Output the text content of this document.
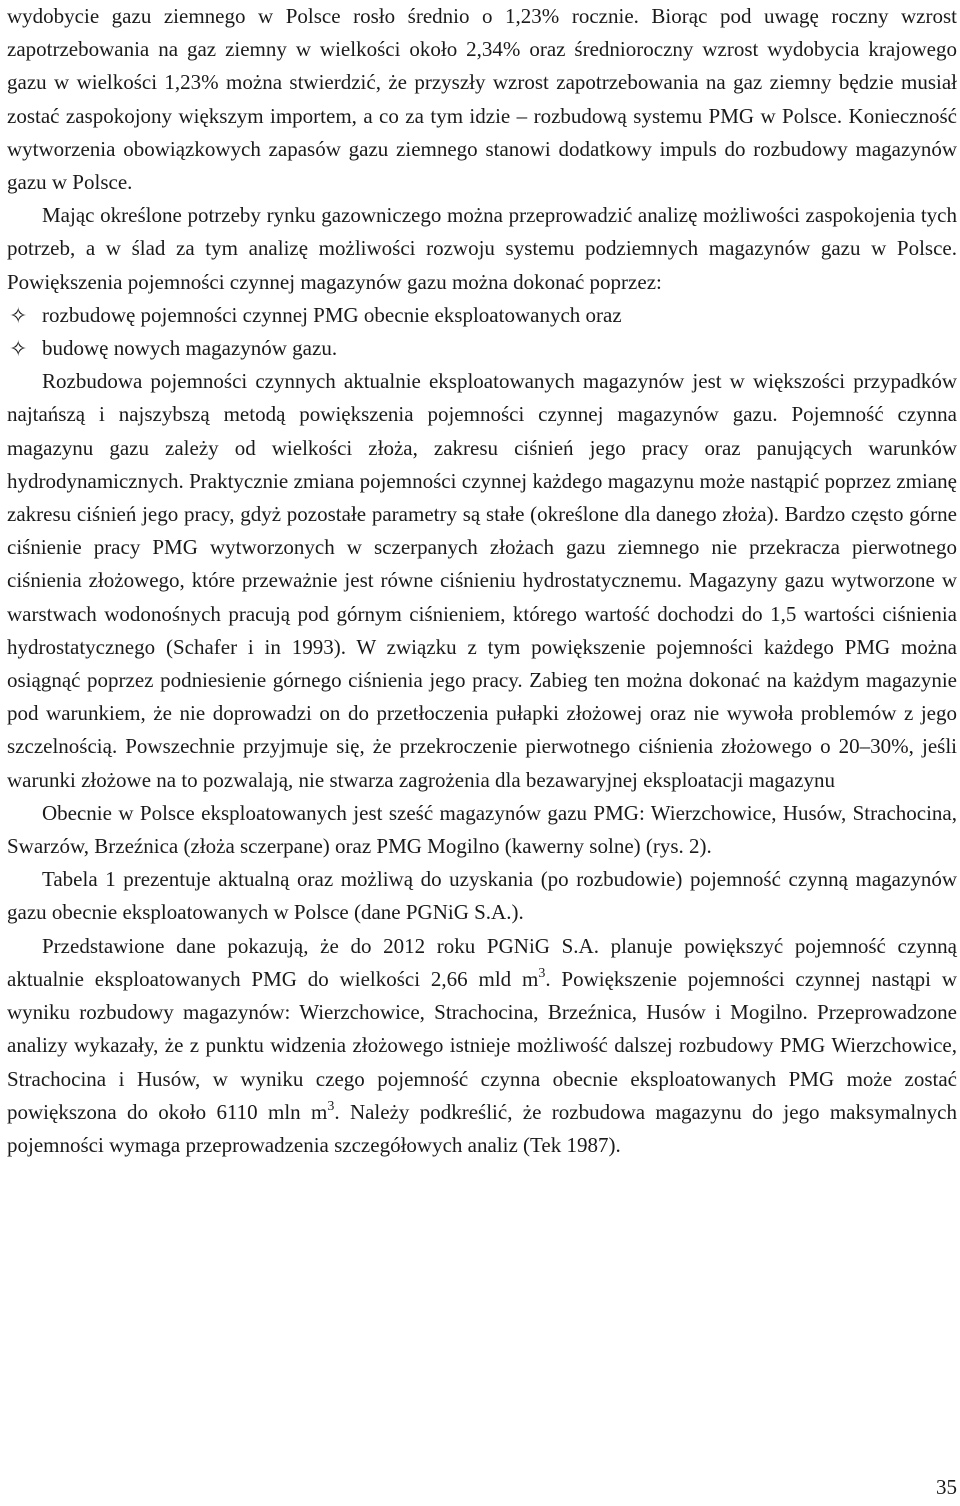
wydobycie gazu ziemnego w Polsce rosło średnio o 1,23% rocznie. Biorąc pod uwagę roczny wzrost zapotrzebowania na gaz ziemny w wielkości około 2,34% oraz średnioroczny wzrost wydobycia krajowego gazu w wielkości 1,23% można stwierdzić, że przyszły wzrost zapotrzebowania na gaz ziemny będzie musiał zostać zaspokojony większym importem, a co za tym idzie – rozbudową systemu PMG w Polsce. Konieczność wytworzenia obowiązkowych zapasów gazu ziemnego stanowi dodatkowy impuls do rozbudowy magazynów gazu w Polsce.

Mając określone potrzeby rynku gazowniczego można przeprowadzić analizę możliwości zaspokojenia tych potrzeb, a w ślad za tym analizę możliwości rozwoju systemu podziemnych magazynów gazu w Polsce. Powiększenia pojemności czynnej magazynów gazu można dokonać poprzez:

✧ rozbudowę pojemności czynnej PMG obecnie eksploatowanych oraz
✧ budowę nowych magazynów gazu.

Rozbudowa pojemności czynnych aktualnie eksploatowanych magazynów jest w większości przypadków najtańszą i najszybszą metodą powiększenia pojemności czynnej magazynów gazu. Pojemność czynna magazynu gazu zależy od wielkości złoża, zakresu ciśnień jego pracy oraz panujących warunków hydrodynamicznych. Praktycznie zmiana pojemności czynnej każdego magazynu może nastąpić poprzez zmianę zakresu ciśnień jego pracy, gdyż pozostałe parametry są stałe (określone dla danego złoża). Bardzo często górne ciśnienie pracy PMG wytworzonych w sczerpanych złożach gazu ziemnego nie przekracza pierwotnego ciśnienia złożowego, które przeważnie jest równe ciśnieniu hydrostatycznemu. Magazyny gazu wytworzone w warstwach wodonośnych pracują pod górnym ciśnieniem, którego wartość dochodzi do 1,5 wartości ciśnienia hydrostatycznego (Schafer i in 1993). W związku z tym powiększenie pojemności każdego PMG można osiągnąć poprzez podniesienie górnego ciśnienia jego pracy. Zabieg ten można dokonać na każdym magazynie pod warunkiem, że nie doprowadzi on do przetłoczenia pułapki złożowej oraz nie wywoła problemów z jego szczelnością. Powszechnie przyjmuje się, że przekroczenie pierwotnego ciśnienia złożowego o 20–30%, jeśli warunki złożowe na to pozwalają, nie stwarza zagrożenia dla bezawaryjnej eksploatacji magazynu

Obecnie w Polsce eksploatowanych jest sześć magazynów gazu PMG: Wierzchowice, Husów, Strachocina, Swarzów, Brzeźnica (złoża sczerpane) oraz PMG Mogilno (kawerny solne) (rys. 2).

Tabela 1 prezentuje aktualną oraz możliwą do uzyskania (po rozbudowie) pojemność czynną magazynów gazu obecnie eksploatowanych w Polsce (dane PGNiG S.A.).

Przedstawione dane pokazują, że do 2012 roku PGNiG S.A. planuje powiększyć pojemność czynną aktualnie eksploatowanych PMG do wielkości 2,66 mld $m^3$. Powiększenie pojemności czynnej nastąpi w wyniku rozbudowy magazynów: Wierzchowice, Strachocina, Brzeźnica, Husów i Mogilno. Przeprowadzone analizy wykazały, że z punktu widzenia złożowego istnieje możliwość dalszej rozbudowy PMG Wierzchowice, Strachocina i Husów, w wyniku czego pojemność czynna obecnie eksploatowanych PMG może zostać powiększona do około 6110 mln $m^3$. Należy podkreślić, że rozbudowa magazynu do jego maksymalnych pojemności wymaga przeprowadzenia szczegółowych analiz (Tek 1987).

35
